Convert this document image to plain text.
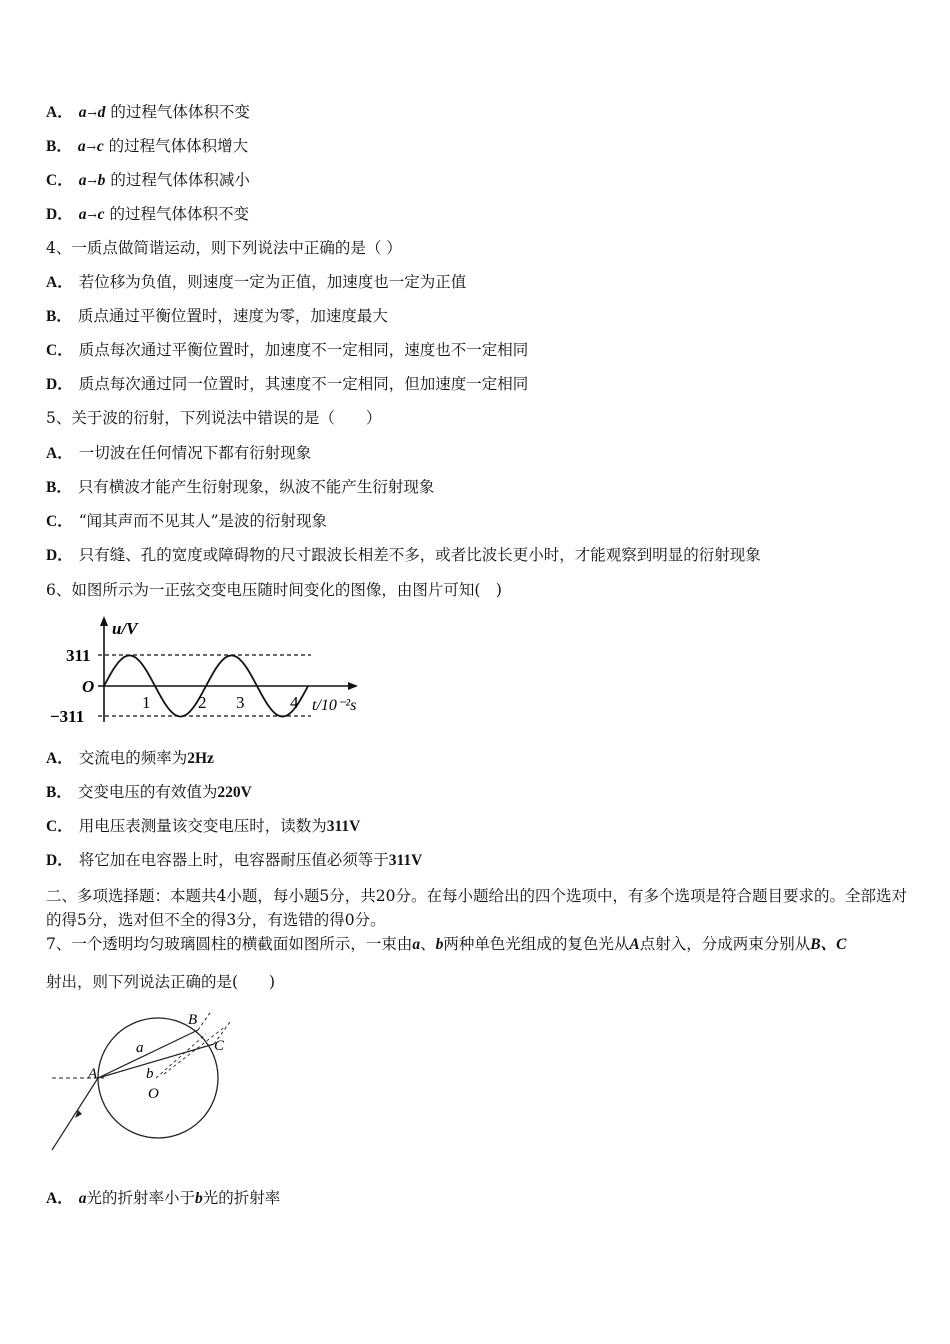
A． a→d 的过程气体体积不变
B． a→c 的过程气体体积增大
C． a→b 的过程气体体积减小
D． a→c 的过程气体体积不变
4、一质点做简谐运动，则下列说法中正确的是（ ）
A． 若位移为负值，则速度一定为正值，加速度也一定为正值
B． 质点通过平衡位置时，速度为零，加速度最大
C． 质点每次通过平衡位置时，加速度不一定相同，速度也不一定相同
D． 质点每次通过同一位置时，其速度不一定相同，但加速度一定相同
5、关于波的衍射，下列说法中错误的是（　　）
A． 一切波在任何情况下都有衍射现象
B． 只有横波才能产生衍射现象，纵波不能产生衍射现象
C． “闻其声而不见其人”是波的衍射现象
D． 只有缝、孔的宽度或障碍物的尺寸跟波长相差不多，或者比波长更小时，才能观察到明显的衍射现象
6、如图所示为一正弦交变电压随时间变化的图像，由图片可知(　)
u/V
311
−311
O
1	2 3	4 t/10⁻²s
A． 交流电的频率为2Hz
B． 交变电压的有效值为220V
C． 用电压表测量该交变电压时，读数为311V
D． 将它加在电容器上时，电容器耐压值必须等于311V
二、多项选择题：本题共4小题，每小题5分，共20分。在每小题给出的四个选项中，有多个选项是符合题目要求的。全部选对的得5分，选对但不全的得3分，有选错的得0分。
7、一个透明均匀玻璃圆柱的横截面如图所示，一束由a、b两种单色光组成的复色光从A点射入，分成两束分别从B、C
射出，则下列说法正确的是(　　)
A
B
C
O
a
b
A． a光的折射率小于b光的折射率
